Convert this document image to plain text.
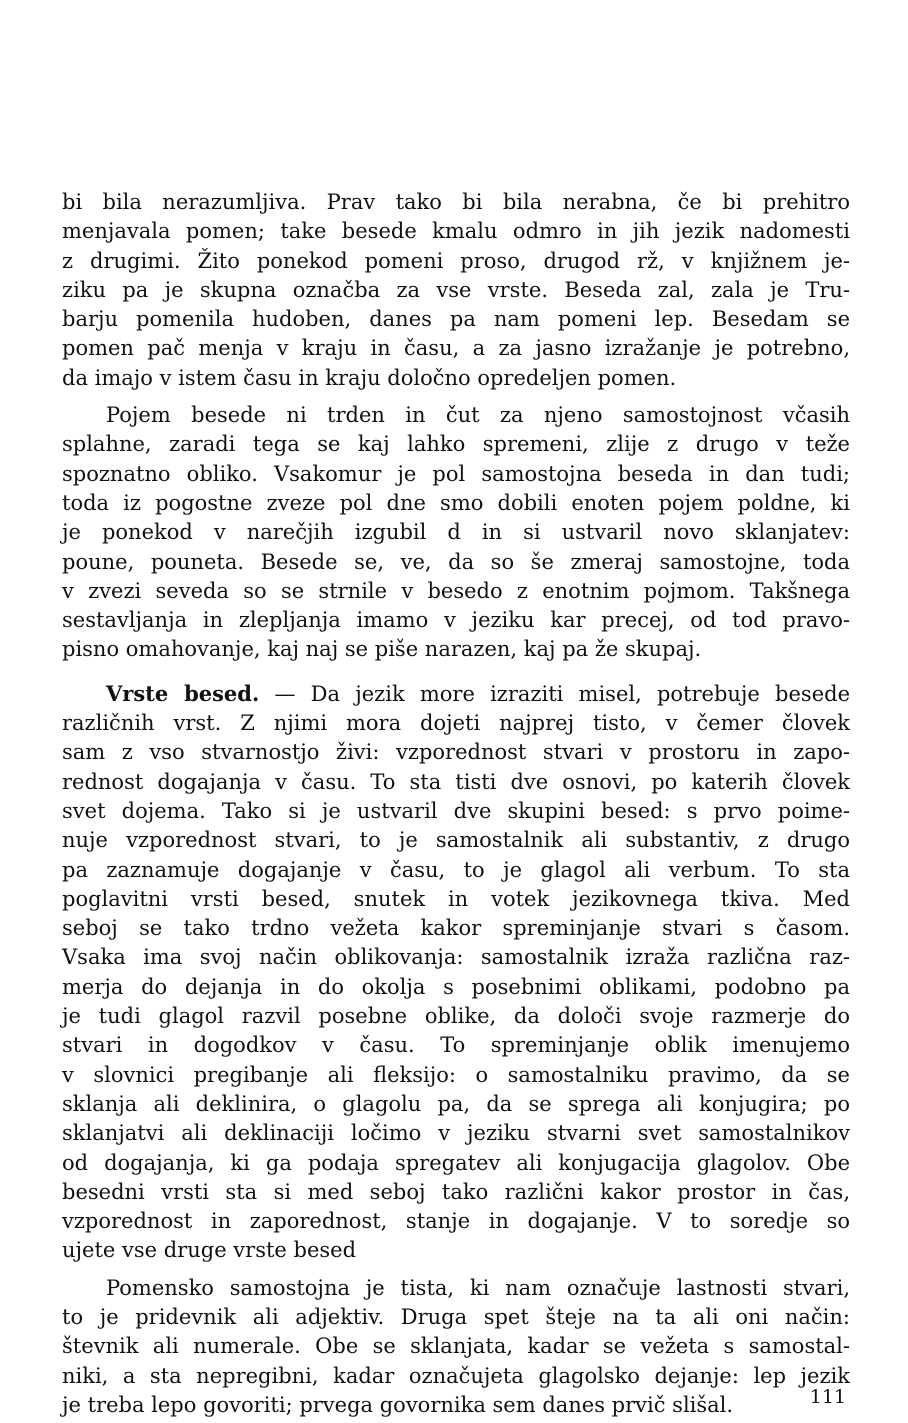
bi bila nerazumljiva. Prav tako bi bila nerabna, če bi prehitro
menjavala pomen; take besede kmalu odmro in jih jezik nadomesti
z drugimi. Žito ponekod pomeni proso, drugod rž, v knjižnem je-
ziku pa je skupna označba za vse vrste. Beseda zal, zala je Tru-
barju pomenila hudoben, danes pa nam pomeni lep. Besedam se
pomen pač menja v kraju in času, a za jasno izražanje je potrebno,
da imajo v istem času in kraju določno opredeljen pomen.

Pojem besede ni trden in čut za njeno samostojnost včasih
splahne, zaradi tega se kaj lahko spremeni, zlije z drugo v teže
spoznatno obliko. Vsakomur je pol samostojna beseda in dan tudi;
toda iz pogostne zveze pol dne smo dobili enoten pojem poldne, ki
je ponekod v narečjih izgubil d in si ustvaril novo sklanjatev:
poune, pouneta. Besede se, ve, da so še zmeraj samostojne, toda
v zvezi seveda so se strnile v besedo z enotnim pojmom. Takšnega
sestavljanja in zlepljanja imamo v jeziku kar precej, od tod pravo-
pisno omahovanje, kaj naj se piše narazen, kaj pa že skupaj.

Vrste besed. — Da jezik more izraziti misel, potrebuje besede
različnih vrst. Z njimi mora dojeti najprej tisto, v čemer človek
sam z vso stvarnostjo živi: vzporednost stvari v prostoru in zapo-
rednost dogajanja v času. To sta tisti dve osnovi, po katerih človek
svet dojema. Tako si je ustvaril dve skupini besed: s prvo poime-
nuje vzporednost stvari, to je samostalnik ali substantiv, z drugo
pa zaznamuje dogajanje v času, to je glagol ali verbum. To sta
poglavitni vrsti besed, snutek in votek jezikovnega tkiva. Med
seboj se tako trdno vežeta kakor spreminjanje stvari s časom.
Vsaka ima svoj način oblikovanja: samostalnik izraža različna raz-
merja do dejanja in do okolja s posebnimi oblikami, podobno pa
je tudi glagol razvil posebne oblike, da določi svoje razmerje do
stvari in dogodkov v času. To spreminjanje oblik imenujemo
v slovnici pregibanje ali fleksijo: o samostalniku pravimo, da se
sklanja ali deklinira, o glagolu pa, da se sprega ali konjugira; po
sklanjatvi ali deklinaciji ločimo v jeziku stvarni svet samostalnikov
od dogajanja, ki ga podaja spregatev ali konjugacija glagolov. Obe
besedni vrsti sta si med seboj tako različni kakor prostor in čas,
vzporednost in zaporednost, stanje in dogajanje. V to soredje so
ujete vse druge vrste besed

Pomensko samostojna je tista, ki nam označuje lastnosti stvari,
to je pridevnik ali adjektiv. Druga spet šteje na ta ali oni način:
števnik ali numerale. Obe se sklanjata, kadar se vežeta s samostal-
niki, a sta nepregibni, kadar označujeta glagolsko dejanje: lep jezik
je treba lepo govoriti; prvega govornika sem danes prvič slišal.	111
